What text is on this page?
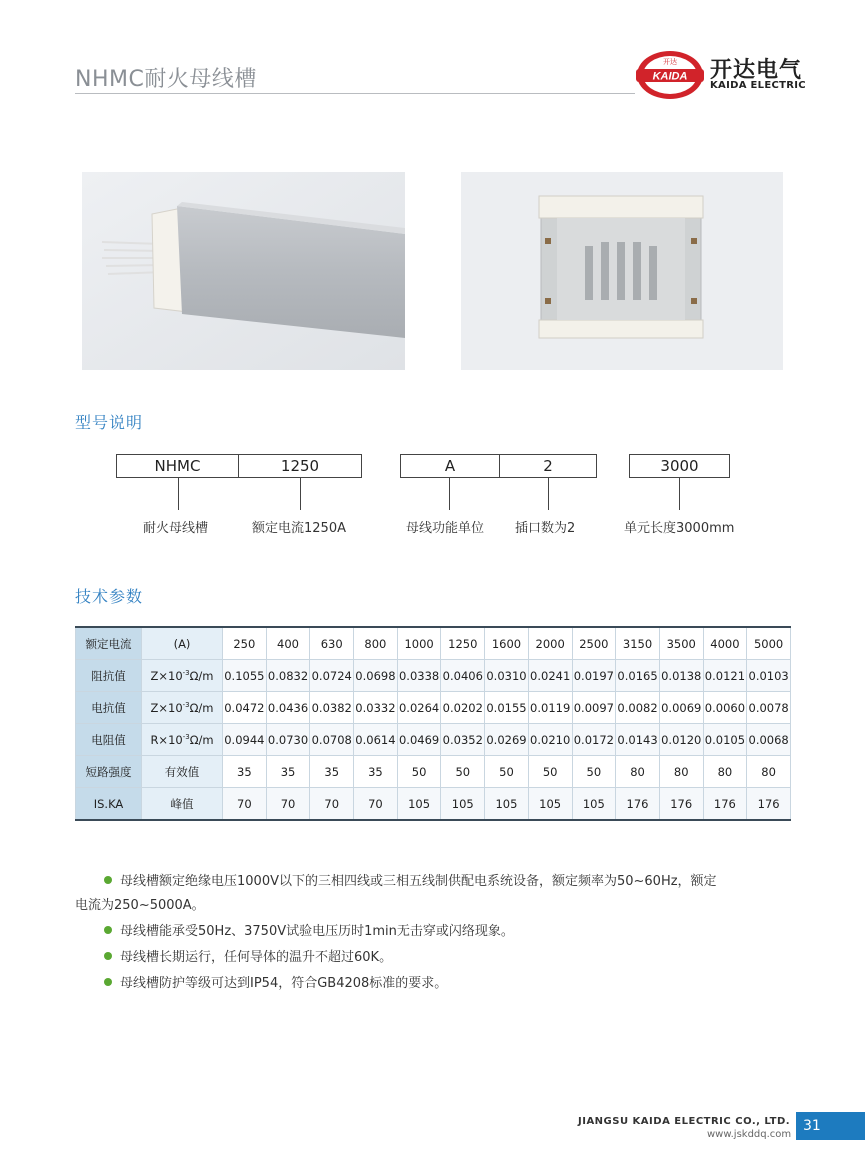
NHMC耐火母线槽	KAIDA
开达 开达电气
KAIDA ELECTRIC
型号说明
NHMC	1250	A	2	3000
耐火母线槽	额定电流1250A	母线功能单位 插口数为2	单元长度3000mm
技术参数
额定电流	(A)	250	400	630	800	1000	1250	1600	2000	2500	3150	3500	4000	5000
阻抗值	$Z\times 10^{-3}\Omega/m$	0.1055	0.0832	0.0724	0.0698	0.0338	0.0406	0.0310	0.0241	0.0197	0.0165	0.0138	0.0121	0.0103
电抗值	$Z\times 10^{-3}\Omega/m$	0.0472	0.0436	0.0382	0.0332	0.0264	0.0202	0.0155	0.0119	0.0097	0.0082	0.0069	0.0060	0.0078
电阻值	$R\times 10^{-3}\Omega/m$	0.0944	0.0730	0.0708	0.0614	0.0469	0.0352	0.0269	0.0210	0.0172	0.0143	0.0120	0.0105	0.0068
短路强度	有效值	35	35	35	35	50	50	50	50	50	80	80	80	80
IS.KA	峰值	70	70	70	70	105	105	105	105	105	176	176	176	176

母线槽额定绝缘电压1000V以下的三相四线或三相五线制供配电系统设备，额定频率为50~60Hz，额定

电流为250~5000A。

母线槽能承受50Hz、3750V试验电压历时1min无击穿或闪络现象。

母线槽长期运行，任何导体的温升不超过60K。

母线槽防护等级可达到IP54，符合GB4208标准的要求。

JIANGSU KAIDA ELECTRIC CO., LTD.
www.jskddq.com
31
